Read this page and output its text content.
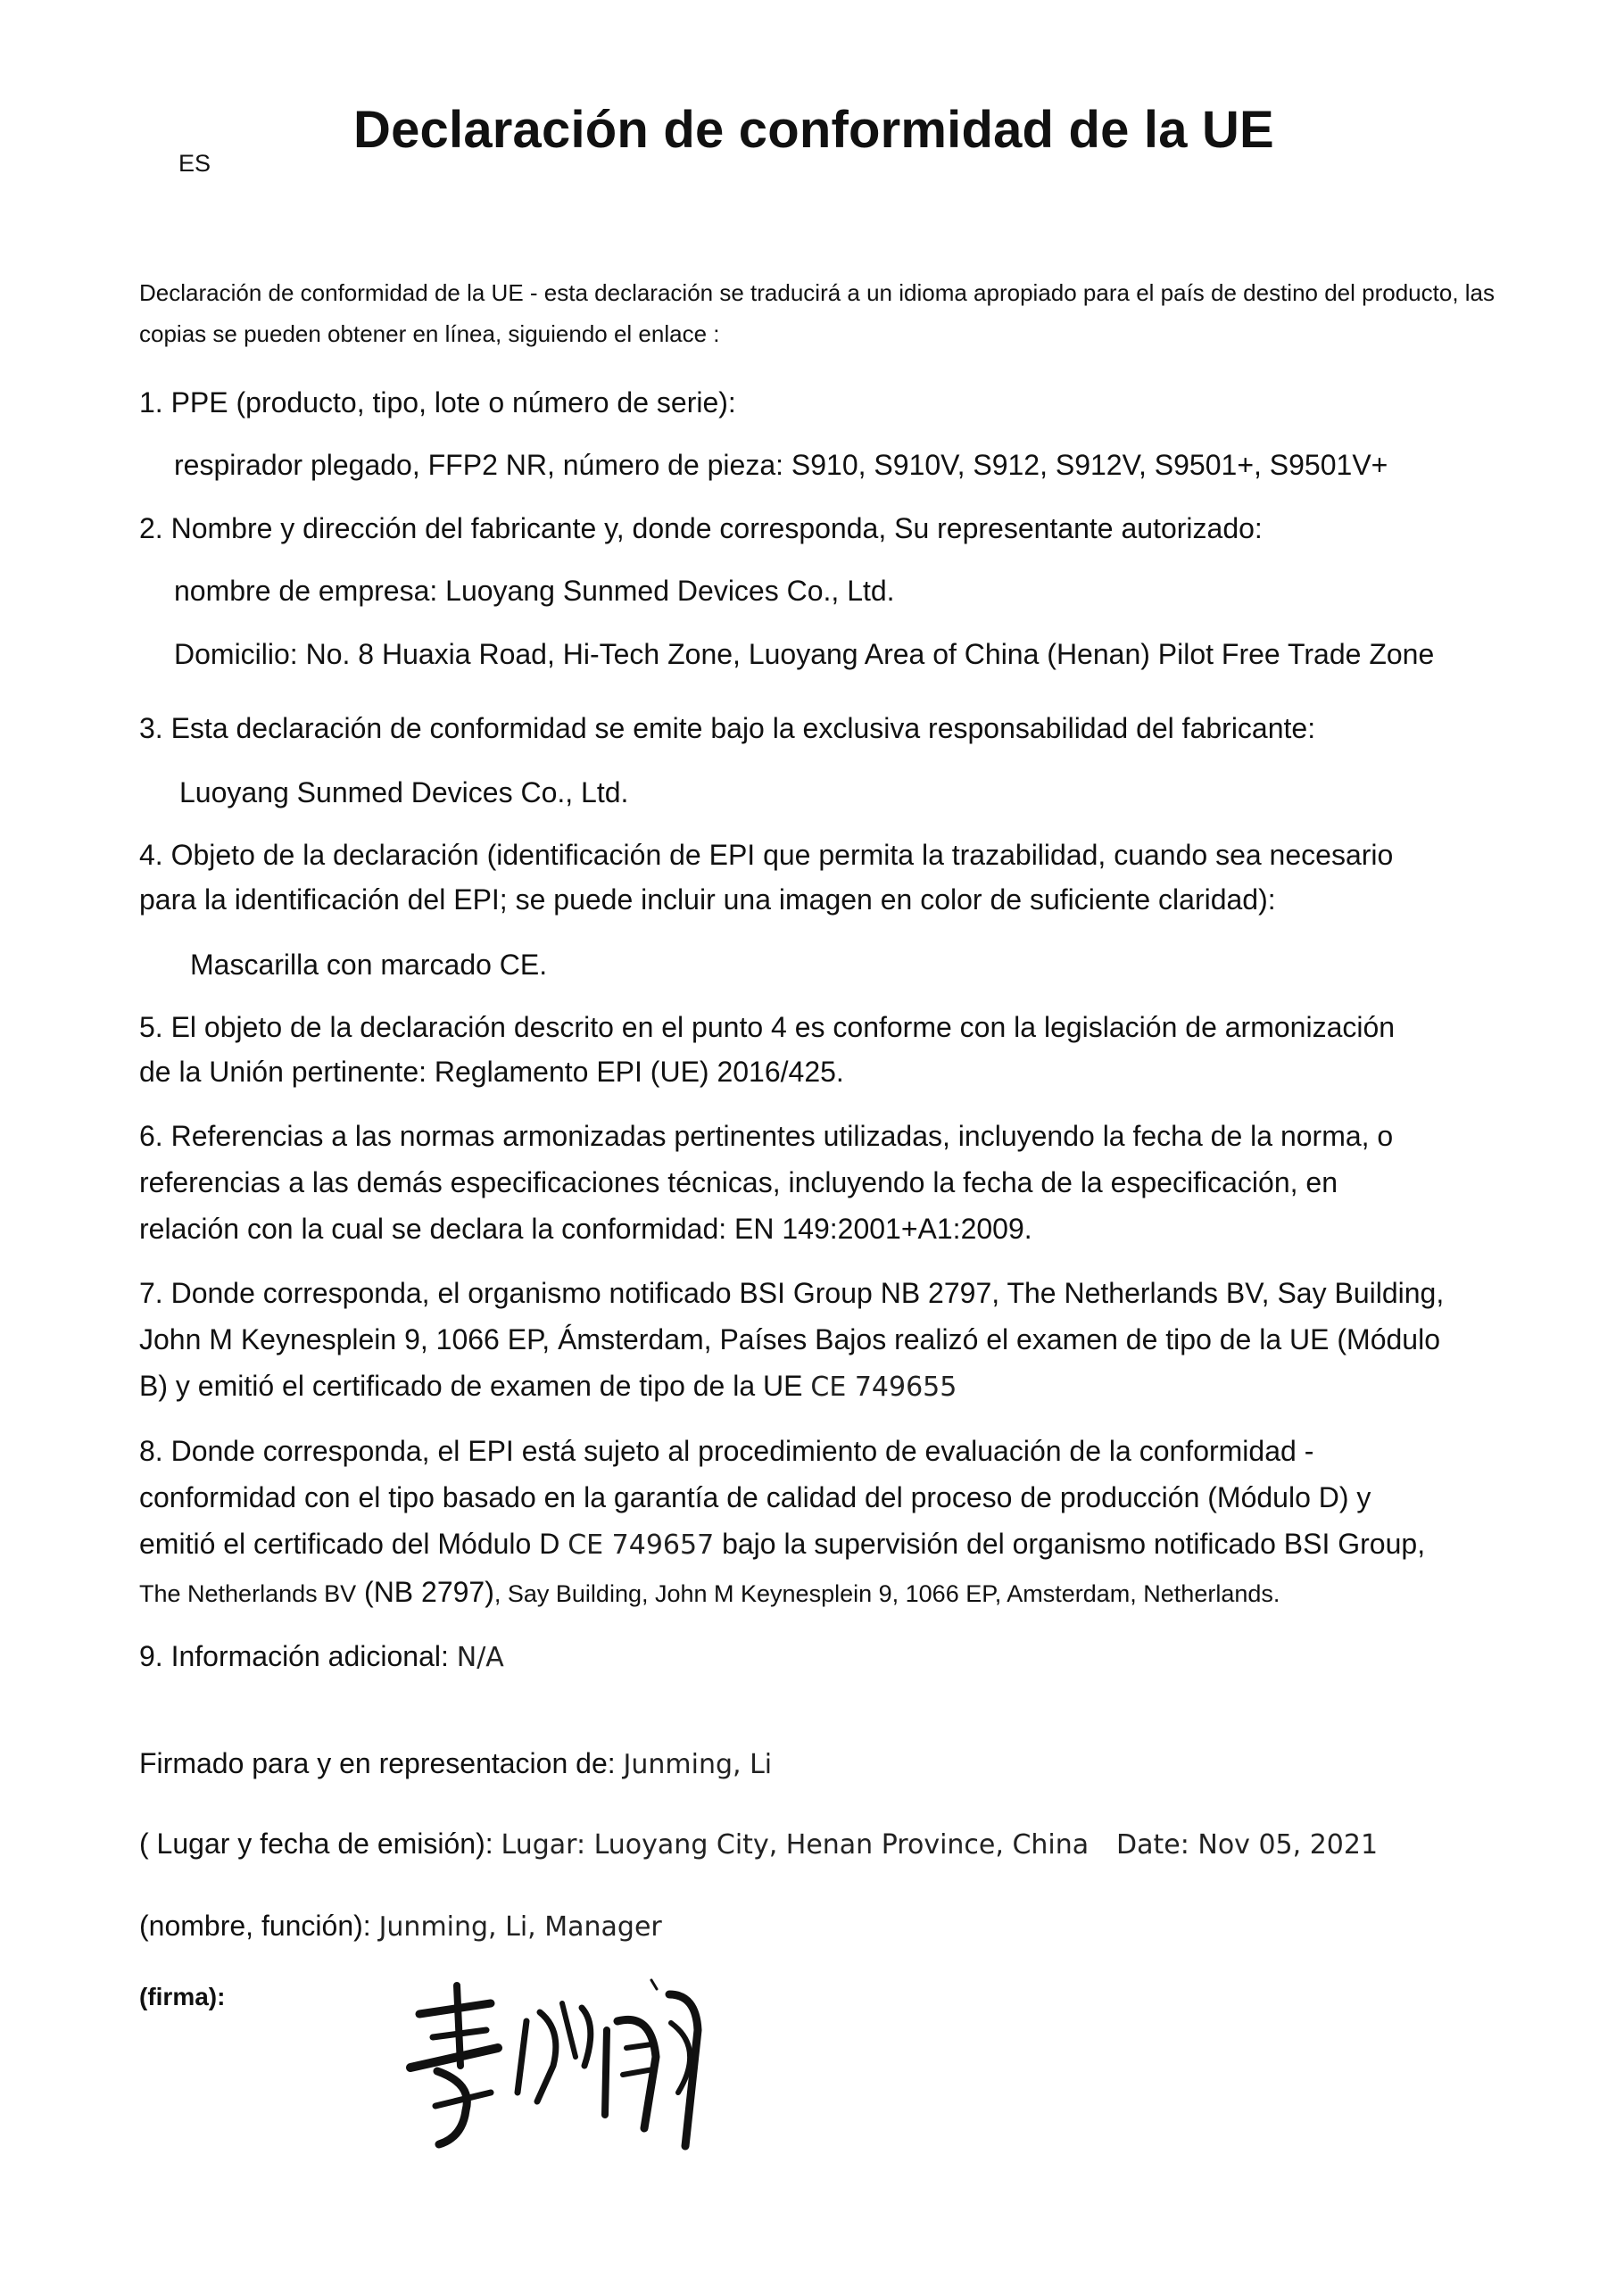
ES
Declaración de conformidad de la UE
Declaración de conformidad de la UE - esta declaración se traducirá a un idioma apropiado para el país de destino del producto, las copias se pueden obtener en línea, siguiendo el enlace :
1. PPE (producto, tipo, lote o número de serie):
respirador plegado, FFP2 NR, número de pieza: S910, S910V, S912, S912V, S9501+, S9501V+
2. Nombre y dirección del fabricante y, donde corresponda, Su representante autorizado:
nombre de empresa: Luoyang Sunmed Devices Co., Ltd.
Domicilio: No. 8 Huaxia Road, Hi-Tech Zone, Luoyang Area of China (Henan) Pilot Free Trade Zone
3. Esta declaración de conformidad se emite bajo la exclusiva responsabilidad del fabricante:
Luoyang Sunmed Devices Co., Ltd.
4. Objeto de la declaración (identificación de EPI que permita la trazabilidad, cuando sea necesario
para la identificación del EPI; se puede incluir una imagen en color de suficiente claridad):
Mascarilla con marcado CE.
5. El objeto de la declaración descrito en el punto 4 es conforme con la legislación de armonización
de la Unión pertinente: Reglamento EPI (UE) 2016/425.
6. Referencias a las normas armonizadas pertinentes utilizadas, incluyendo la fecha de la norma, o
referencias a las demás especificaciones técnicas, incluyendo la fecha de la especificación, en
relación con la cual se declara la conformidad: EN 149:2001+A1:2009.
7. Donde corresponda, el organismo notificado BSI Group NB 2797, The Netherlands BV, Say Building,
John M Keynesplein 9, 1066 EP, Ámsterdam, Países Bajos realizó el examen de tipo de la UE (Módulo
B) y emitió el certificado de examen de tipo de la UE CE 749655
8. Donde corresponda, el EPI está sujeto al procedimiento de evaluación de la conformidad -
conformidad con el tipo basado en la garantía de calidad del proceso de producción (Módulo D) y
emitió el certificado del Módulo D CE 749657 bajo la supervisión del organismo notificado BSI Group,
The Netherlands BV (NB 2797), Say Building, John M Keynesplein 9, 1066 EP, Amsterdam, Netherlands.
9. Información adicional: N/A
Firmado para y en representacion de: Junming, Li
( Lugar y fecha de emisión): Lugar: Luoyang City, Henan Province, China Date: Nov 05, 2021
(nombre, función): Junming, Li, Manager
(firma):
